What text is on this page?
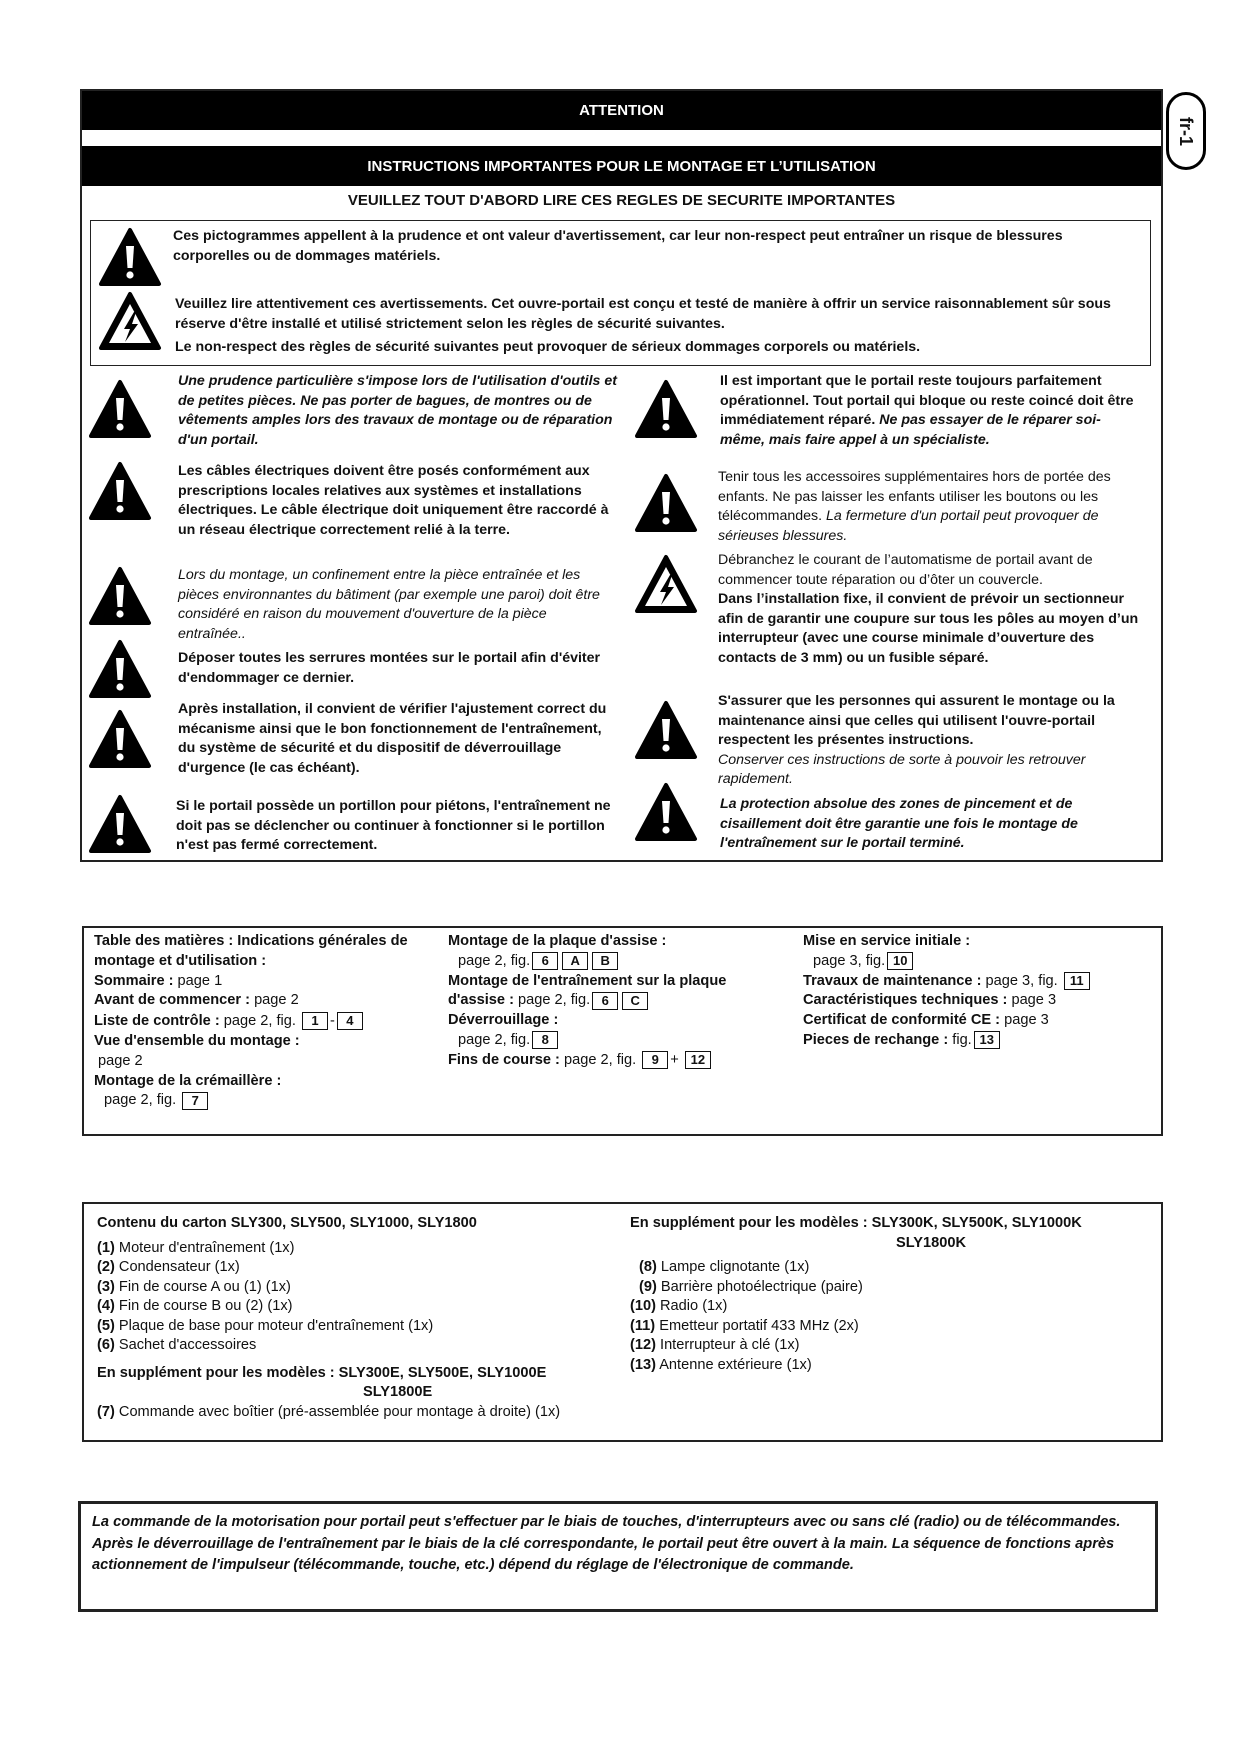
ATTENTION
INSTRUCTIONS IMPORTANTES POUR LE MONTAGE ET L’UTILISATION
VEUILLEZ TOUT D'ABORD LIRE CES REGLES DE SECURITE IMPORTANTES
fr-1
Ces pictogrammes appellent à la prudence et ont valeur d'avertissement, car leur non-respect peut entraîner un risque de blessures corporelles ou de dommages matériels.
Veuillez lire attentivement ces avertissements. Cet ouvre-portail est conçu et testé de manière à offrir un service raisonnablement sûr sous réserve d'être installé et utilisé strictement selon les règles de sécurité suivantes.
Le non-respect des règles de sécurité suivantes peut provoquer de sérieux dommages corporels ou matériels.
Une prudence particulière s'impose lors de l'utilisation d'outils et de petites pièces. Ne pas porter de bagues, de montres ou de vêtements amples lors des travaux de montage ou de réparation d'un portail.
Les câbles électriques doivent être posés conformément aux prescriptions locales relatives aux systèmes et installations électriques. Le câble électrique doit uniquement être raccordé à un réseau électrique correctement relié à la terre.
Lors du montage, un confinement entre la pièce entraînée et les pièces environnantes du bâtiment (par exemple une paroi) doit être considéré en raison du mouvement d'ouverture de la pièce entraînée..
Déposer toutes les serrures montées sur le portail afin d'éviter d'endommager ce dernier.
Après installation, il convient de vérifier l'ajustement correct du mécanisme ainsi que le bon fonctionnement de l'entraînement, du système de sécurité et du dispositif de déverrouillage d'urgence (le cas échéant).
Si le portail possède un portillon pour piétons, l'entraînement ne doit pas se déclencher ou continuer à fonctionner si le portillon n'est pas fermé correctement.
Il est important que le portail reste toujours parfaitement opérationnel. Tout portail qui bloque ou reste coincé doit être immédiatement réparé. Ne pas essayer de le réparer soi-même, mais faire appel à un spécialiste.
Tenir tous les accessoires supplémentaires hors de portée des enfants. Ne pas laisser les enfants utiliser les boutons ou les télécommandes. La fermeture d'un portail peut provoquer de sérieuses blessures.
Débranchez le courant de l’automatisme de portail avant de commencer toute réparation ou d’ôter un couvercle.
Dans l’installation fixe, il convient de prévoir un sectionneur afin de garantir une coupure sur tous les pôles au moyen d’un interrupteur (avec une course minimale d’ouverture des contacts de 3 mm) ou un fusible séparé.
S'assurer que les personnes qui assurent le montage ou la maintenance ainsi que celles qui utilisent l'ouvre-portail respectent les présentes instructions.
Conserver ces instructions de sorte à pouvoir les retrouver rapidement.
La protection absolue des zones de pincement et de cisaillement doit être garantie une fois le montage de l'entraînement sur le portail terminé.
Table des matières : Indications générales de montage et d'utilisation :
Sommaire : page 1
Avant de commencer : page 2
Liste de contrôle : page 2, fig. 1 - 4
Vue d'ensemble du montage :
page 2
Montage de la crémaillère :
page 2, fig. 7
Montage de la plaque d'assise :
page 2, fig. 6 A B
Montage de l'entraînement sur la plaque
d'assise : page 2, fig. 6 C
Déverrouillage :
page 2, fig. 8
Fins de course : page 2, fig. 9 + 12
Mise en service initiale :
page 3, fig. 10
Travaux de maintenance : page 3, fig. 11
Caractéristiques techniques : page 3
Certificat de conformité CE : page 3
Pieces de rechange : fig. 13
Contenu du carton SLY300, SLY500, SLY1000, SLY1800
(1) Moteur d'entraînement (1x)
(2) Condensateur (1x)
(3) Fin de course A ou (1) (1x)
(4) Fin de course B ou (2) (1x)
(5) Plaque de base pour moteur d'entraînement (1x)
(6) Sachet d'accessoires
En supplément pour les modèles : SLY300E, SLY500E, SLY1000E
SLY1800E
(7) Commande avec boîtier (pré-assemblée pour montage à droite) (1x)
En supplément pour les modèles : SLY300K, SLY500K, SLY1000K
SLY1800K
(8) Lampe clignotante (1x)
(9) Barrière photoélectrique (paire)
(10) Radio (1x)
(11) Emetteur portatif 433 MHz (2x)
(12) Interrupteur à clé (1x)
(13) Antenne extérieure (1x)
La commande de la motorisation pour portail peut s'effectuer par le biais de touches, d'interrupteurs avec ou sans clé (radio) ou de télécommandes. Après le déverrouillage de l'entraînement par le biais de la clé correspondante, le portail peut être ouvert à la main. La séquence de fonctions après actionnement de l'impulseur (télécommande, touche, etc.) dépend du réglage de l'électronique de commande.
